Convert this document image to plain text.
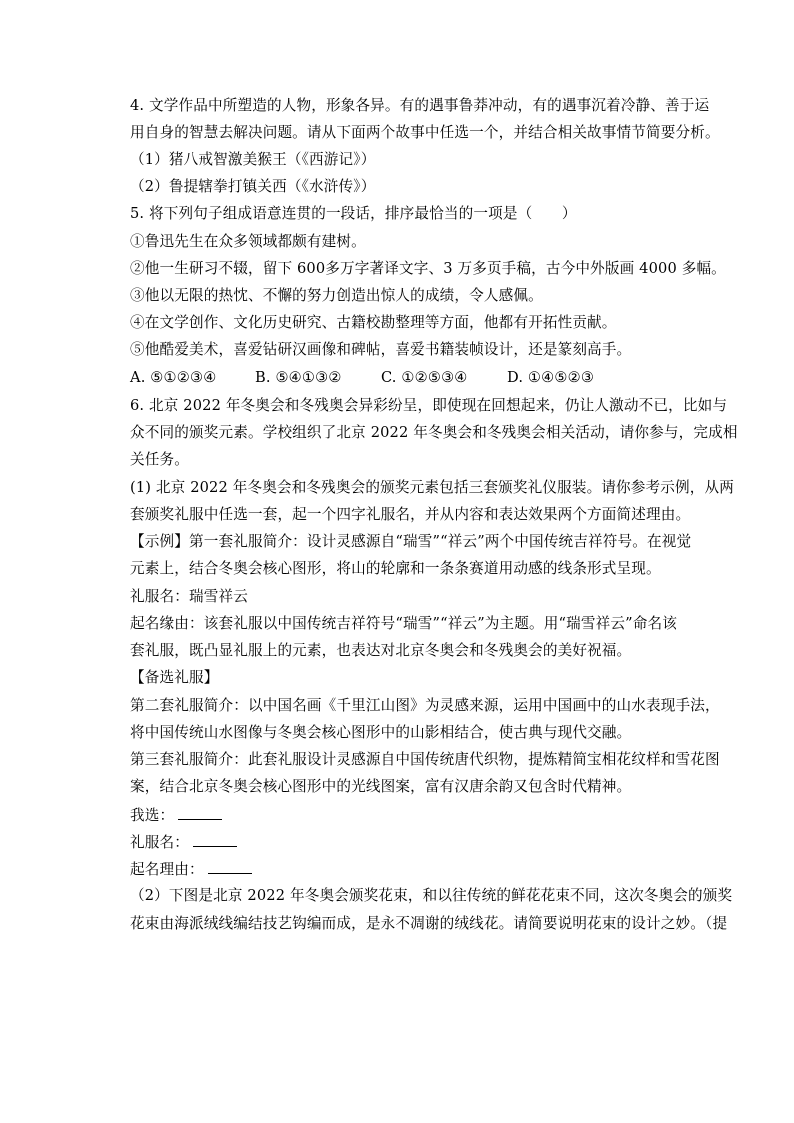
4. 文学作品中所塑造的人物，形象各异。有的遇事鲁莽冲动，有的遇事沉着冷静、善于运
用自身的智慧去解决问题。请从下面两个故事中任选一个，并结合相关故事情节简要分析。
（1）猪八戒智激美猴王（《西游记》）
（2）鲁提辖拳打镇关西（《水浒传》）
5. 将下列句子组成语意连贯的一段话，排序最恰当的一项是（　　）
①鲁迅先生在众多领域都颇有建树。
②他一生研习不辍，留下 600多万字著译文字、3 万多页手稿，古今中外版画 4000 多幅。
③他以无限的热忱、不懈的努力创造出惊人的成绩，令人感佩。
④在文学创作、文化历史研究、古籍校勘整理等方面，他都有开拓性贡献。
⑤他酷爱美术，喜爱钻研汉画像和碑帖，喜爱书籍装帧设计，还是篆刻高手。
A. ⑤①②③④	B. ⑤④①③②	C. ①②⑤③④	D. ①④⑤②③
6. 北京 2022 年冬奥会和冬残奥会异彩纷呈，即使现在回想起来，仍让人激动不已，比如与
众不同的颁奖元素。学校组织了北京 2022 年冬奥会和冬残奥会相关活动，请你参与，完成相
关任务。
(1) 北京 2022 年冬奥会和冬残奥会的颁奖元素包括三套颁奖礼仪服装。请你参考示例，从两
套颁奖礼服中任选一套，起一个四字礼服名，并从内容和表达效果两个方面简述理由。
【示例】第一套礼服简介：设计灵感源自“瑞雪”“祥云”两个中国传统吉祥符号。在视觉
元素上，结合冬奥会核心图形，将山的轮廓和一条条赛道用动感的线条形式呈现。
礼服名：瑞雪祥云
起名缘由：该套礼服以中国传统吉祥符号“瑞雪”“祥云”为主题。用“瑞雪祥云”命名该
套礼服，既凸显礼服上的元素，也表达对北京冬奥会和冬残奥会的美好祝福。
【备选礼服】
第二套礼服简介：以中国名画《千里江山图》为灵感来源，运用中国画中的山水表现手法，
将中国传统山水图像与冬奥会核心图形中的山影相结合，使古典与现代交融。
第三套礼服简介：此套礼服设计灵感源自中国传统唐代织物，提炼精简宝相花纹样和雪花图
案，结合北京冬奥会核心图形中的光线图案，富有汉唐余韵又包含时代精神。
我选：
礼服名：
起名理由：
（2）下图是北京 2022 年冬奥会颁奖花束，和以往传统的鲜花花束不同，这次冬奥会的颁奖
花束由海派绒线编结技艺钩编而成，是永不凋谢的绒线花。请简要说明花束的设计之妙。（提
